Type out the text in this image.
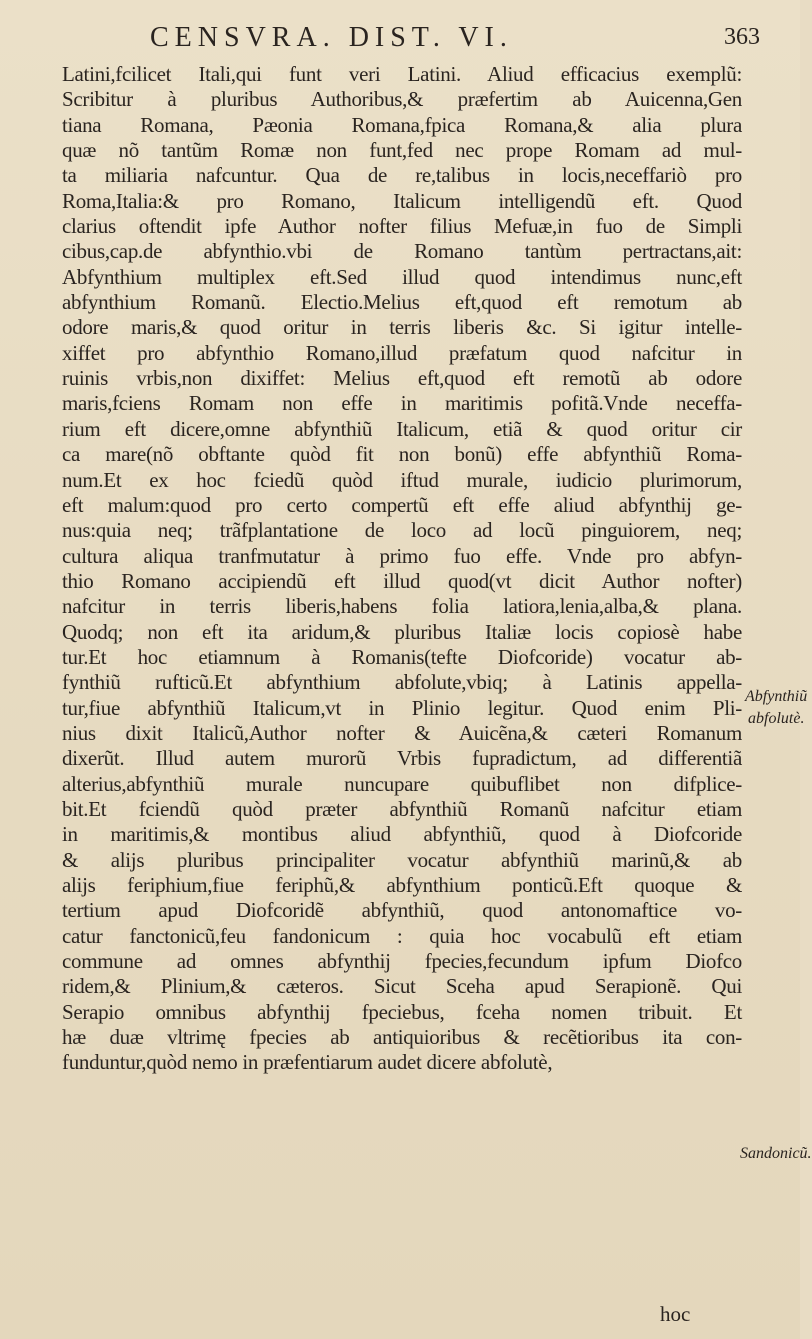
CENSVRA. DIST. VI.	363
Latini,fcilicet Itali,qui funt veri Latini. Aliud efficacius exemplũ:
Scribitur à pluribus Authoribus,& præfertim ab Auicenna,Gen
tiana Romana, Pæonia Romana,fpica Romana,& alia plura
quæ nõ tantũm Romæ non funt,fed nec prope Romam ad mul-
ta miliaria nafcuntur. Qua de re,talibus in locis,neceffariò pro
Roma,Italia:& pro Romano, Italicum intelligendũ eft. Quod
clarius oftendit ipfe Author nofter filius Mefuæ,in fuo de Simpli
cibus,cap.de abfynthio.vbi de Romano tantùm pertractans,ait:
Abfynthium multiplex eft.Sed illud quod intendimus nunc,eft
abfynthium Romanũ. Electio.Melius eft,quod eft remotum ab
odore maris,& quod oritur in terris liberis &c. Si igitur intelle-
xiffet pro abfynthio Romano,illud præfatum quod nafcitur in
ruinis vrbis,non dixiffet: Melius eft,quod eft remotũ ab odore
maris,fciens Romam non effe in maritimis pofitã.Vnde neceffa-
rium eft dicere,omne abfynthiũ Italicum, etiã & quod oritur cir
ca mare(nõ obftante quòd fit non bonũ) effe abfynthiũ Roma-
num.Et ex hoc fciedũ quòd iftud murale, iudicio plurimorum,
eft malum:quod pro certo compertũ eft effe aliud abfynthij ge-
nus:quia neq; trãfplantatione de loco ad locũ pinguiorem, neq;
cultura aliqua tranfmutatur à primo fuo effe. Vnde pro abfyn-
thio Romano accipiendũ eft illud quod(vt dicit Author nofter)
nafcitur in terris liberis,habens folia latiora,lenia,alba,& plana.
Quodq; non eft ita aridum,& pluribus Italiæ locis copiosè habe
tur.Et hoc etiamnum à Romanis(tefte Diofcoride) vocatur ab-
fynthiũ rufticũ.Et abfynthium abfolute,vbiq; à Latinis appella-
tur,fiue abfynthiũ Italicum,vt in Plinio legitur. Quod enim Pli-
nius dixit Italicũ,Author nofter & Auicẽna,& cæteri Romanum
dixerũt. Illud autem murorũ Vrbis fupradictum, ad differentiã
alterius,abfynthiũ murale nuncupare quibuflibet non difplice-
bit.Et fciendũ quòd præter abfynthiũ Romanũ nafcitur etiam
in maritimis,& montibus aliud abfynthiũ, quod à Diofcoride
& alijs pluribus principaliter vocatur abfynthiũ marinũ,& ab
alijs feriphium,fiue feriphũ,& abfynthium ponticũ.Eft quoque &
tertium apud Diofcoridẽ abfynthiũ, quod antonomaftice vo-
catur fanctonicũ,feu fandonicum : quia hoc vocabulũ eft etiam
commune ad omnes abfynthij fpecies,fecundum ipfum Diofco
ridem,& Plinium,& cæteros. Sicut Sceha apud Serapionẽ. Qui
Serapio omnibus abfynthij fpeciebus, fceha nomen tribuit. Et
hæ duæ vltrimę fpecies ab antiquioribus & recẽtioribus ita con-
funduntur,quòd nemo in præfentiarum audet dicere abfolutè,
Abfynthiũ
abfolutè.
Sandonicũ.
hoc
